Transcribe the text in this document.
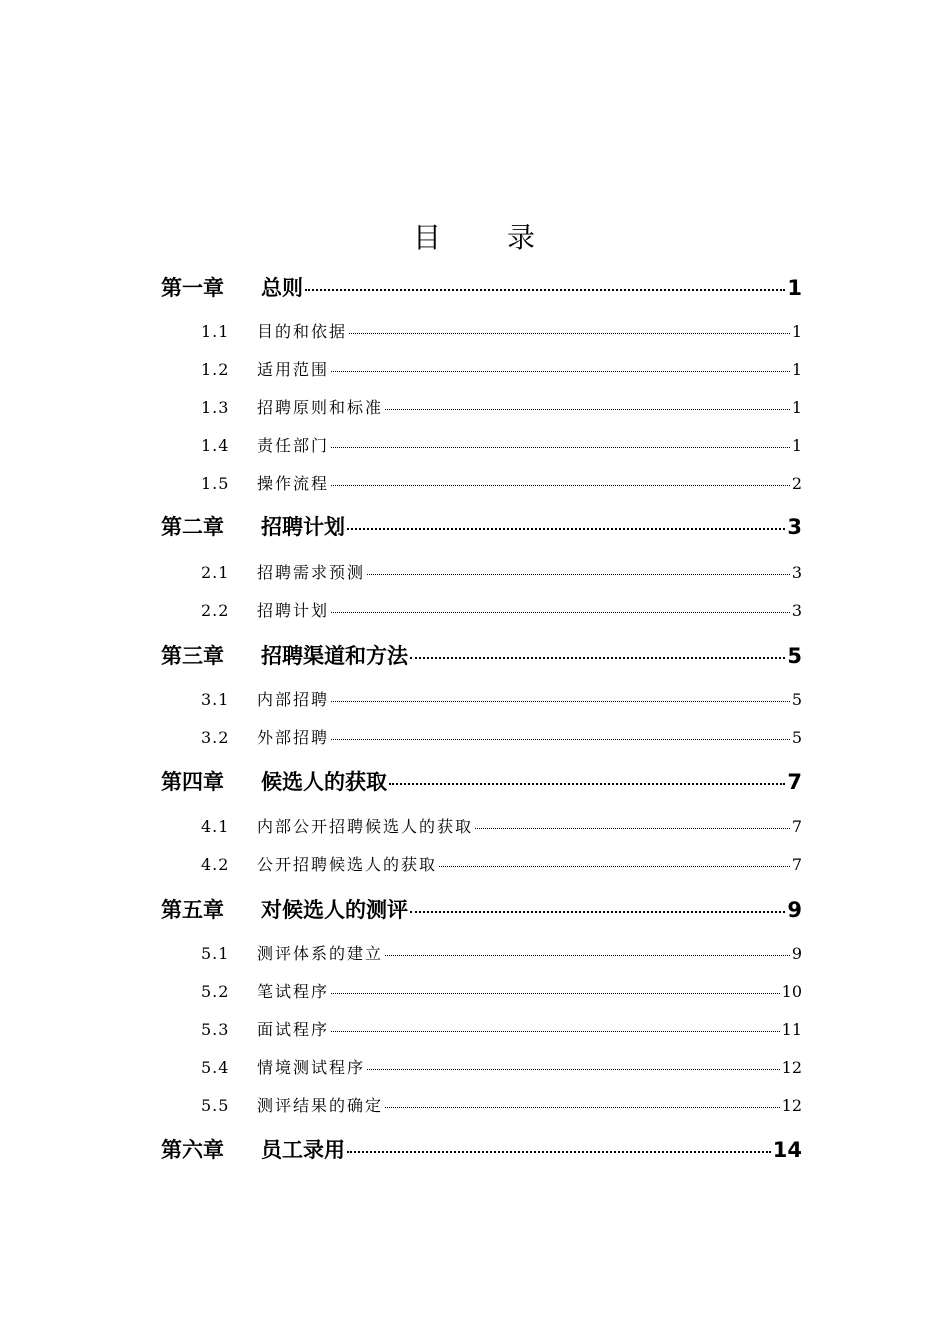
目 录
第一章 总则	1
1.1 目的和依据	1
1.2 适用范围	1
1.3 招聘原则和标准	1
1.4 责任部门	1
1.5 操作流程	2
第二章 招聘计划	3
2.1 招聘需求预测	3
2.2 招聘计划	3
第三章 招聘渠道和方法	5
3.1 内部招聘	5
3.2 外部招聘	5
第四章 候选人的获取	7
4.1 内部公开招聘候选人的获取	7
4.2 公开招聘候选人的获取	7
第五章 对候选人的测评	9
5.1 测评体系的建立	9
5.2 笔试程序	10
5.3 面试程序	11
5.4 情境测试程序	12
5.5 测评结果的确定	12
第六章 员工录用	14
